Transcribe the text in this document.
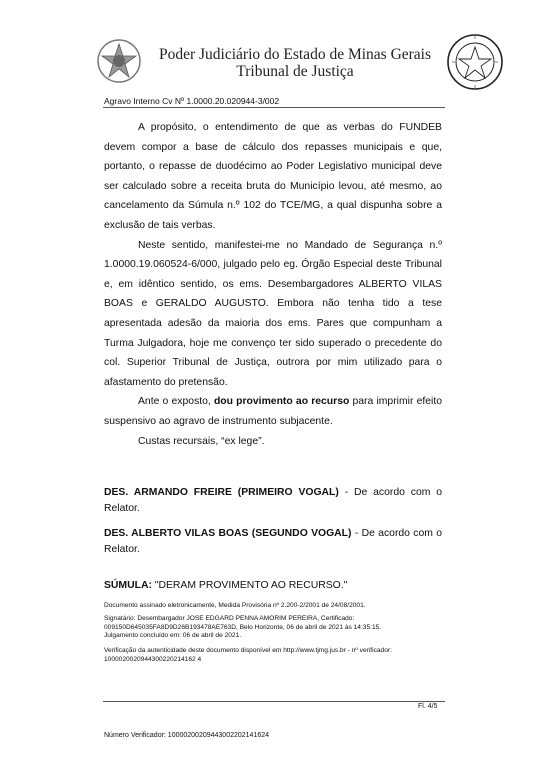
Poder Judiciário do Estado de Minas Gerais
Tribunal de Justiça
Agravo Interno Cv Nº 1.0000.20.020944-3/002

A propósito, o entendimento de que as verbas do FUNDEB devem compor a base de cálculo dos repasses municipais e que, portanto, o repasse de duodécimo ao Poder Legislativo municipal deve ser calculado sobre a receita bruta do Município levou, até mesmo, ao cancelamento da Súmula n.º 102 do TCE/MG, a qual dispunha sobre a exclusão de tais verbas.

Neste sentido, manifestei-me no Mandado de Segurança n.º 1.0000.19.060524-6/000, julgado pelo eg. Órgão Especial deste Tribunal e, em idêntico sentido, os ems. Desembargadores ALBERTO VILAS BOAS e GERALDO AUGUSTO. Embora não tenha tido a tese apresentada adesão da maioria dos ems. Pares que compunham a Turma Julgadora, hoje me convenço ter sido superado o precedente do col. Superior Tribunal de Justiça, outrora por mim utilizado para o afastamento do pretensão.

Ante o exposto, dou provimento ao recurso para imprimir efeito suspensivo ao agravo de instrumento subjacente.

Custas recursais, “ex lege”.

DES. ARMANDO FREIRE (PRIMEIRO VOGAL) - De acordo com o Relator.
DES. ALBERTO VILAS BOAS (SEGUNDO VOGAL) - De acordo com o Relator.
SÚMULA: "DERAM PROVIMENTO AO RECURSO."
Documento assinado eletronicamente, Medida Provisória nº 2.200-2/2001 de 24/08/2001.
Signatário: Desembargador JOSE EDGARD PENNA AMORIM PEREIRA, Certificado: 009150D645035FA8D9D26B193478AE763D, Belo Horizonte, 06 de abril de 2021 às 14:35:15.
Julgamento concluído em: 06 de abril de 2021.
Verificação da autenticidade deste documento disponível em http://www.tjmg.jus.br - nº verificador: 1000020020944300220214162 4
Fl. 4/5
Número Verificador: 10000200209443002202141624
